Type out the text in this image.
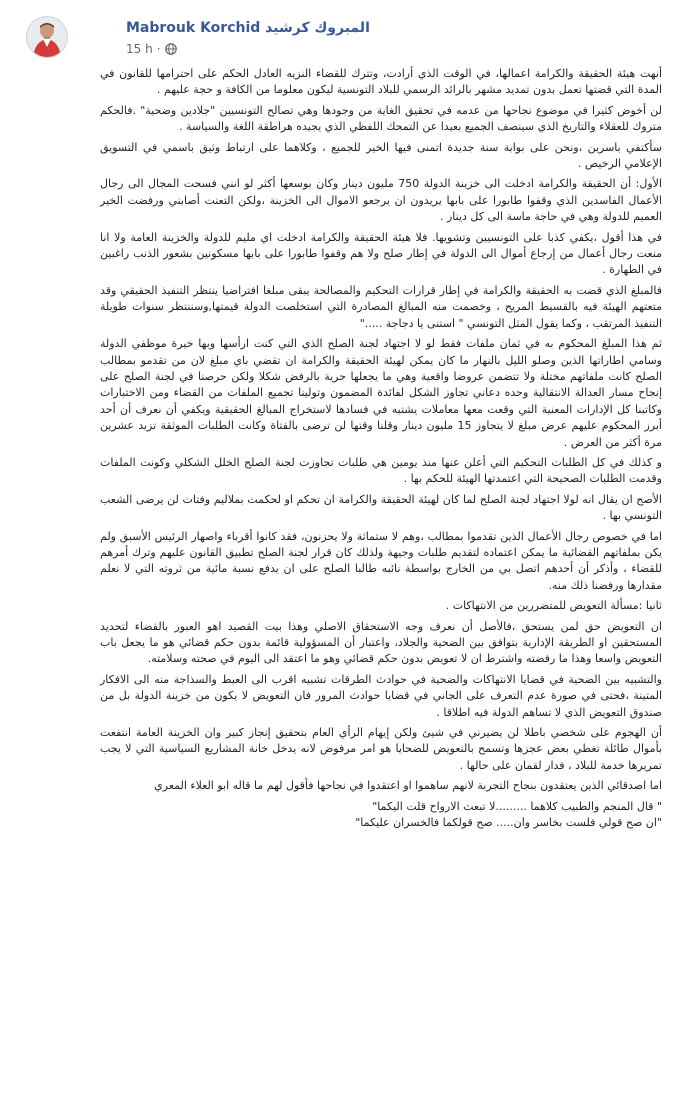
Mabrouk Korchid المبروك كرشيد
15 h ·

أنهت هيئة الحقيقة والكرامة اعمالها، في الوقت الذي أرادت، وتترك للقضاء النزيه العادل الحكم على احترامها للقانون في المدة التي قضتها تعمل بدون تمديد مشهر بالرائد الرسمي للبلاد التونسية ليكون معلوما من الكافة و حجة عليهم .

لن أخوض كثيرا في موضوع نجاحها من عدمه في تحقيق الغاية من وجودها وهي تصالح التونسيين "جلادين وضحية" .فالحكم متروك للعقلاء والتاريخ الذي سينصف الجميع بعيدا عن التمحك اللفظي الذي يجيده هراطقة اللغة والسياسة .

سأكتفي باسرين ،ونحن على بوابة سنة جديدة اتمنى فيها الخير للجميع ، وكلاهما على ارتباط وثيق باسمي في التسويق الإعلامي الرخيص .

الأول: أن الحقيقة والكرامة ادخلت الى خزينة الدولة 750 مليون دينار وكان بوسعها أكثر لو انني فسحت المجال الى رجال الأعمال الفاسدين الذي وقفوا طابورا على بابها يريدون ان يرجعو الاموال الى الخزينة ،ولكن التعنت أصابني ورفضت الخير العميم للدولة وهي في حاجة ماسة الى كل دينار .

في هذا أقول ،يكفي كذبا على التونسيين وتشويها. فلا هيئة الحقيقة والكرامة ادخلت اي مليم للدولة والخزينة العامة ولا انا منعت رجال أعمال من إرجاع أموال الى الدولة في إطار صلح ولا هم وقفوا طابورا على بابها مسكونين بشعور الذنب راغبين في الطهارة .

فالمبلغ الذي قضت به الحقيقة والكرامة في إطار قرارات التحكيم والمصالحة يبقى مبلغا افتراضيا ينتظر التنفيذ الحقيقي وقد متعتهم الهيئة فيه بالقسيط المريح ، وخصمت منه المبالغ المصادرة التي استخلصت الدولة قيمتها,وسننتظر سنوات طويلة التنفيذ المرتقب ، وكما يقول المثل التونسي " استنى يا دجاجة ....."

ثم هذا المبلغ المحكوم به في ثمان ملفات فقط لو لا اجتهاد لجنة الصلح الذي التي كنت ارأسها وبها خيرة موظفي الدولة وسامي اطاراتها الذين وصلو الليل بالنهار ما كان يمكن لهيئة الحقيقة والكرامة ان تقضي باي مبلغ لان من تقدمو بمطالب الصلح كانت ملفاتهم مختلة ولا تتضمن عروضا واقعية وهي ما يجعلها حرية بالرفض شكلا ولكن حرصنا في لجنة الصلح على إنجاح مسار العدالة الانتقالية وحده دعاني تجاوز الشكل لفائدة المضمون وتولينا تجميع الملفات من القضاء ومن الاختبارات وكاتبنا كل الإدارات المعنية التي وقعت معها معاملات يشتبه في فسادها لاستخراج المبالغ الحقيقية ويكفي أن نعرف أن أحد أبرز المحكوم عليهم عرض مبلغ لا يتجاوز 15 مليون دينار وقلنا وقتها لن ترضى بالفتاة وكانت الطلبات الموثقة تزيد عشرين مرة أكثر من العرض .

و كذلك في كل الطلبات التحكيم التي أعلن عنها منذ يومين هي طلبات تجاوزت لجنة الصلح الخلل الشكلي وكونت الملفات وقدمت الطلبات الصحيحة التي اعتمدتها الهيئة للحكم بها .

الأصح ان يقال انه لولا اجتهاد لجنة الصلح لما كان لهيئة الحقيقة والكرامة ان تحكم او لحكمت بملاليم وفتات لن يرضى الشعب التونسي بها .

اما في خصوص رجال الأعمال الذين تقدموا بمطالب ،وهم لا ستماثة ولا يحزنون، فقد كانوا أقرباء واصهار الرئيس الأسبق ولم يكن بملفاتهم القضائية ما يمكن اعتماده لتقديم طلبات وجيهة ولذلك كان قرار لجنة الصلح تطبيق القانون عليهم وترك أمرهم للقضاء ، وأذكر أن أحدهم اتصل بي من الخارج بواسطة نائبه طالبا الصلح على ان يدفع نسبة مائية من ثروته التي لا نعلم مقدارها ورفضنا ذلك منه.

ثانيا :مسألة التعويض للمتضررين من الانتهاكات .

ان التعويض حق لمن يستحق ،فالأصل أن نعرف وجه الاستحقاق الاصلي وهذا بيت القصيد اهو العبور بالقضاء لتحديد المستحقين او الطريقة الإدارية بتوافق بين الضحية والجلاد، واعتبار أن المسؤولية قائمة بدون حكم قضائي هو ما يجعل باب التعويض واسعا وهذا ما رفضته واشترط ان لا تعويض بدون حكم قضائي وهو ما اعتقد الى اليوم في صحته وسلامته.

والتشبيه بين الضحية في قضايا الانتهاكات والضحية في حوادث الطرقات تشبيه اقرب الى العبط والسذاجة منه الى الافكار المتينة ،فحتى في صورة عدم التعرف على الجاني في قضايا حوادث المرور فان التعويض لا يكون من خزينة الدولة بل من صندوق التعويض الذي لا تساهم الدولة فيه اطلاقا .

أن الهجوم على شخصي باطلا لن يضيرني في شيئ ولكن إيهام الرأي العام بتحقيق إنجاز كبير وان الخزينة العامة انتفعت بأموال طائلة تغطي بعض عجزها وتسمح بالتعويض للضحايا هو امر مرفوض لانه يدخل خانة المشاريع السياسية التي لا يجب تمريرها خدمة للبلاد ، فدار لقمان على حالها .

اما اصدقائي الذين يعتقدون بنجاح التجربة لانهم ساهموا او اعتقدوا في نجاحها فأقول لهم ما قاله ابو العلاء المعري

" قال المنجم والطبيب كلاهما .........لا تبعث الارواح قلت اليكما"

"ان صح قولي فلست بخاسر وان..... صح قولكما فالخسران عليكما"
